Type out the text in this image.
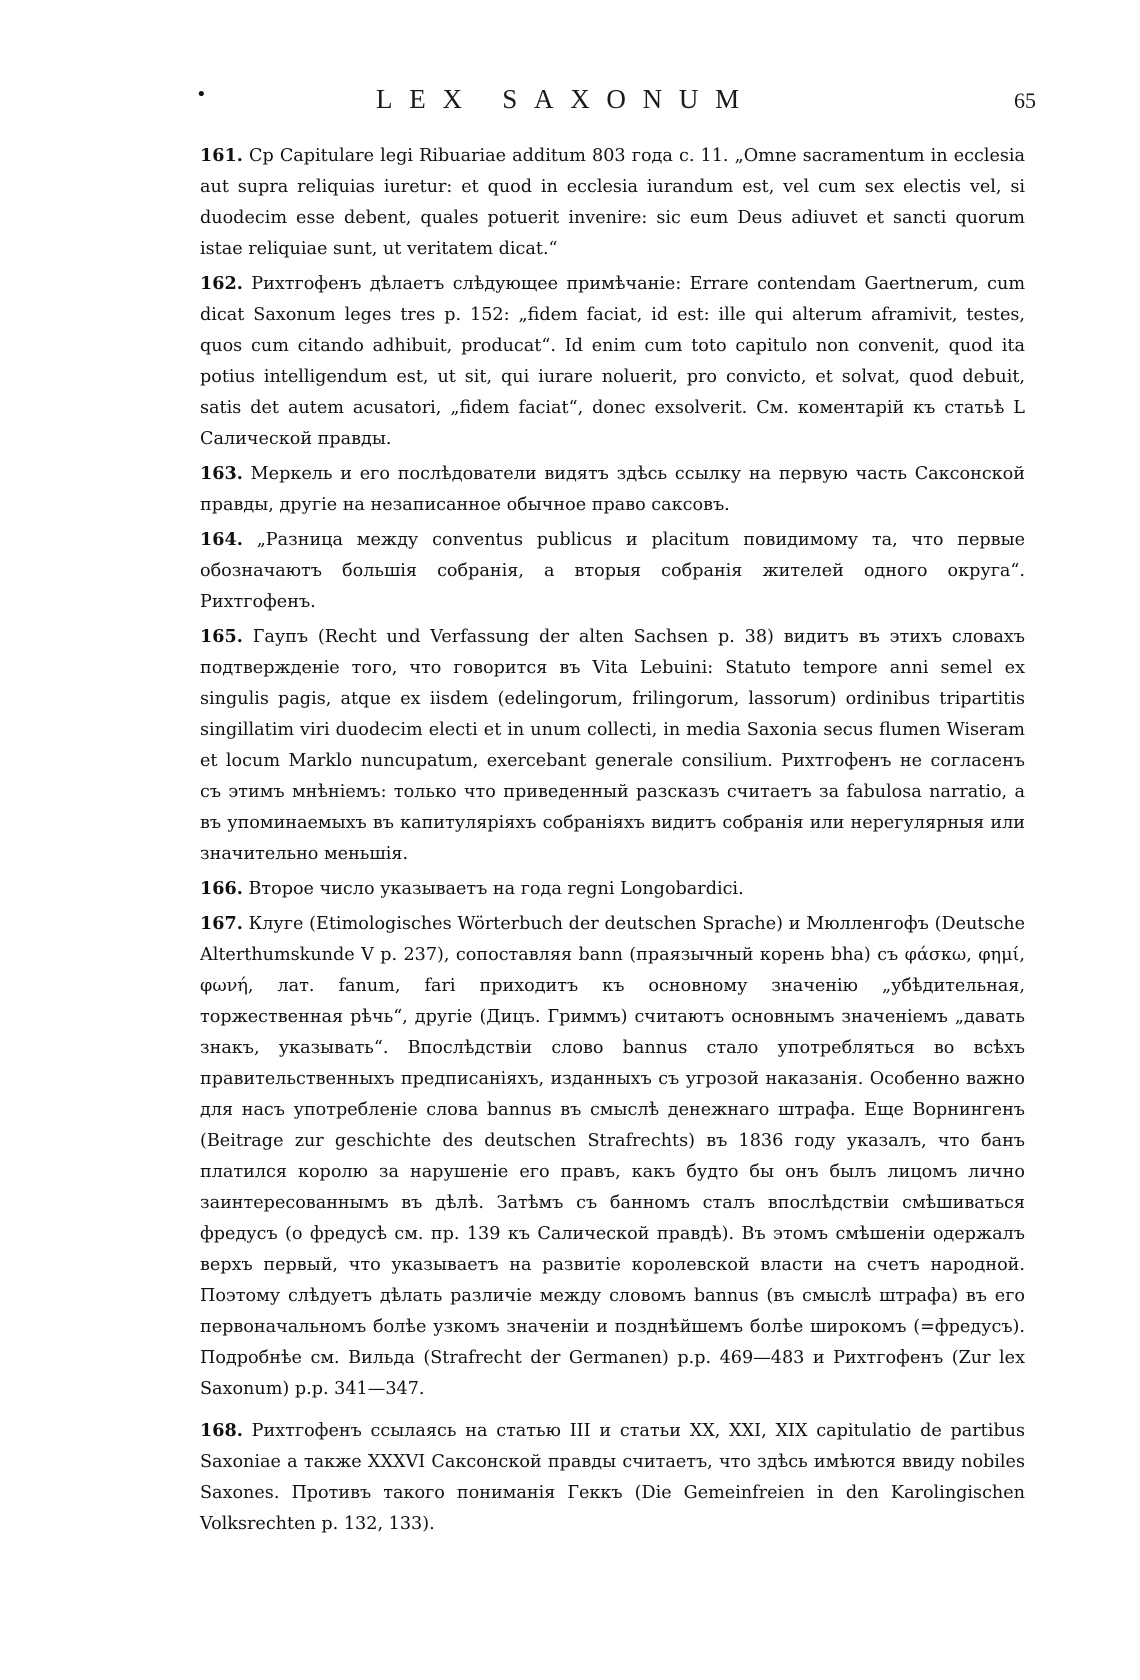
•	LEX SAXONUM	65

161. Ср Capitulare legi Ribuariae additum 803 года с. 11. „Omne sacramentum in ecclesia aut supra reliquias iuretur: et quod in ecclesia iurandum est, vel cum sex electis vel, si duodecim esse debent, quales potuerit invenire: sic eum Deus adiuvet et sancti quorum istae reliquiae sunt, ut veritatem dicat.“

162. Рихтгофенъ дѣлаетъ слѣдующее примѣчаніе: Errare contendam Gaertnerum, cum dicat Saxonum leges tres p. 152: „fidem faciat, id est: ille qui alterum aframivit, testes, quos cum citando adhibuit, producat“. Id enim cum toto capitulo non convenit, quod ita potius intelligendum est, ut sit, qui iurare noluerit, pro convicto, et solvat, quod debuit, satis det autem acusatori, „fidem faciat“, donec exsolverit. См. коментарій къ статьѣ L Салической правды.

163. Меркель и его послѣдователи видятъ здѣсь ссылку на первую часть Саксонской правды, другіе на незаписанное обычное право саксовъ.

164. „Разница между conventus publicus и placitum повидимому та, что первые обозначаютъ большія собранія, а вторыя собранія жителей одного округа“. Рихтгофенъ.

165. Гаупъ (Recht und Verfassung der alten Sachsen p. 38) видитъ въ этихъ словахъ подтвержденіе того, что говорится въ Vita Lebuini: Statuto tempore anni semel ex singulis pagis, atque ex iisdem (edelingorum, frilingorum, lassorum) ordinibus tripartitis singillatim viri duodecim electi et in unum collecti, in media Saxonia secus flumen Wiseram et locum Marklo nuncupatum, exercebant generale consilium. Рихтгофенъ не согласенъ съ этимъ мнѣніемъ: только что приведенный разсказъ считаетъ за fabulosa narratio, а въ упоминаемыхъ въ капитуляріяхъ собраніяхъ видитъ собранія или нерегулярныя или значительно меньшія.

166. Второе число указываетъ на года regni Longobardici.

167. Клуге (Etimologisches Wörterbuch der deutschen Sprache) и Мюлленгофъ (Deutsche Alterthumskunde V p. 237), сопоставляя bann (праязычный корень bha) съ φάσκω, φημί, φωνή, лат. fanum, fari приходитъ къ основному значенію „убѣдительная, торжественная рѣчь“, другіе (Дицъ. Гриммъ) считаютъ основнымъ значеніемъ „давать знакъ, указывать“. Впослѣдствіи слово bannus стало употребляться во всѣхъ правительственныхъ предписаніяхъ, изданныхъ съ угрозой наказанія. Особенно важно для насъ употребленіе слова bannus въ смыслѣ денежнаго штрафа. Еще Ворнингенъ (Beitrage zur geschichte des deutschen Strafrechts) въ 1836 году указалъ, что банъ платился королю за нарушеніе его правъ, какъ будто бы онъ былъ лицомъ лично заинтересованнымъ въ дѣлѣ. Затѣмъ съ банномъ сталъ впослѣдствіи смѣшиваться фредусъ (о фредусѣ см. пр. 139 къ Салической правдѣ). Въ этомъ смѣшеніи одержалъ верхъ первый, что указываетъ на развитіе королевской власти на счетъ народной. Поэтому слѣдуетъ дѣлать различіе между словомъ bannus (въ смыслѣ штрафа) въ его первоначальномъ болѣе узкомъ значеніи и позднѣйшемъ болѣе широкомъ (=фредусъ). Подробнѣе см. Вильда (Strafrecht der Germanen) р.р. 469—483 и Рихтгофенъ (Zur lex Saxonum) р.р. 341—347.

168. Рихтгофенъ ссылаясь на статью III и статьи XX, XXI, XIX capitulatio de partibus Saxoniae а также XXXVI Саксонской правды считаетъ, что здѣсь имѣются ввиду nobiles Saxones. Противъ такого пониманія Геккъ (Die Gemeinfreien in den Karolingischen Volksrechten p. 132, 133).
